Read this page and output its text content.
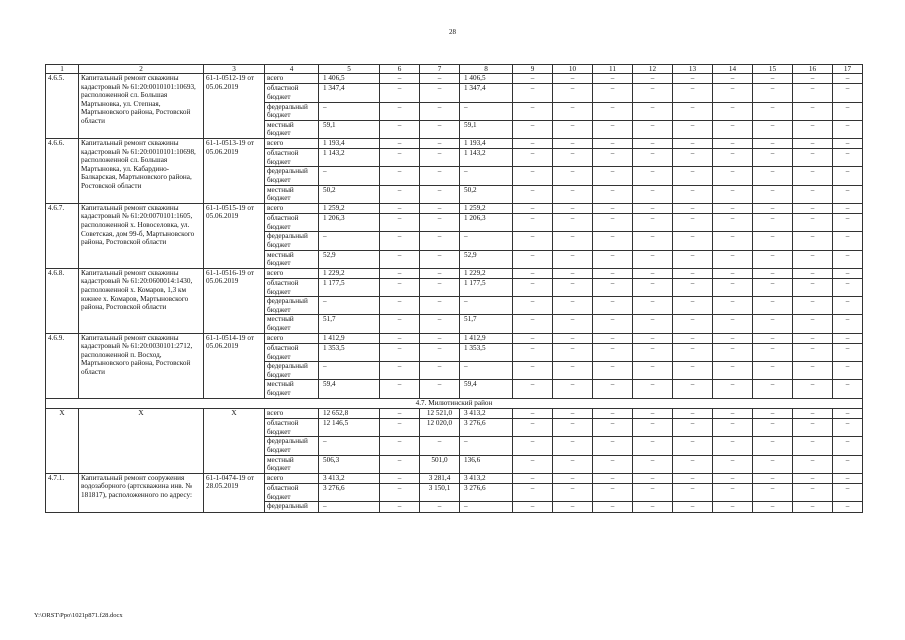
28
1	2	3	4	5	6	7	8	9	10	11	12	13	14	15	16	17
4.6.5.	Капитальный ремонт скважины кадастровый № 61:20:0010101:10693, расположенной сл. Большая Мартыновка, ул. Степная, Мартыновского района, Ростовской области	61-1-0512-19 от 05.06.2019	всего	1 406,5	–	–	1 406,5	–	–	–	–	–	–	–	–	–
			областной бюджет	1 347,4	–	–	1 347,4	–	–	–	–	–	–	–	–	–
			федеральный бюджет	–	–	–	–	–	–	–	–	–	–	–	–	–
			местный бюджет	59,1	–	–	59,1	–	–	–	–	–	–	–	–	–
4.6.6.	Капитальный ремонт скважины кадастровый № 61:20:0010101:10698, расположенной сл. Большая Мартыновка, ул. Кабардино-Балкарская, Мартыновского района, Ростовской области	61-1-0513-19 от 05.06.2019	всего	1 193,4	–	–	1 193,4	–	–	–	–	–	–	–	–	–
			областной бюджет	1 143,2	–	–	1 143,2	–	–	–	–	–	–	–	–	–
			федеральный бюджет	–	–	–	–	–	–	–	–	–	–	–	–	–
			местный бюджет	50,2	–	–	50,2	–	–	–	–	–	–	–	–	–
4.6.7.	Капитальный ремонт скважины кадастровый № 61:20:0070101:1605, расположенной х. Новоселовка, ул. Советская, дом 99-б, Мартыновского района, Ростовской области	61-1-0515-19 от 05.06.2019	всего	1 259,2	–	–	1 259,2	–	–	–	–	–	–	–	–	–
			областной бюджет	1 206,3	–	–	1 206,3	–	–	–	–	–	–	–	–	–
			федеральный бюджет	–	–	–	–	–	–	–	–	–	–	–	–	–
			местный бюджет	52,9	–	–	52,9	–	–	–	–	–	–	–	–	–
4.6.8.	Капитальный ремонт скважины кадастровый № 61:20:0600014:1430, расположенной х. Комаров, 1,3 км южнее х. Комаров, Мартыновского района, Ростовской области	61-1-0516-19 от 05.06.2019	всего	1 229,2	–	–	1 229,2	–	–	–	–	–	–	–	–	–
			областной бюджет	1 177,5	–	–	1 177,5	–	–	–	–	–	–	–	–	–
			федеральный бюджет	–	–	–	–	–	–	–	–	–	–	–	–	–
			местный бюджет	51,7	–	–	51,7	–	–	–	–	–	–	–	–	–
4.6.9.	Капитальный ремонт скважины кадастровый № 61:20:0030101:2712, расположенной п. Восход, Мартыновского района, Ростовской области	61-1-0514-19 от 05.06.2019	всего	1 412,9	–	–	1 412,9	–	–	–	–	–	–	–	–	–
			областной бюджет	1 353,5	–	–	1 353,5	–	–	–	–	–	–	–	–	–
			федеральный бюджет	–	–	–	–	–	–	–	–	–	–	–	–	–
			местный бюджет	59,4	–	–	59,4	–	–	–	–	–	–	–	–	–
4.7. Милютинский район																
Х	Х	Х	всего	12 652,8	–	12 521,0	3 413,2	–	–	–	–	–	–	–	–	–
			областной бюджет	12 146,5	–	12 020,0	3 276,6	–	–	–	–	–	–	–	–	–
			федеральный бюджет	–	–	–	–	–	–	–	–	–	–	–	–	–
			местный бюджет	506,3	–	501,0	136,6	–	–	–	–	–	–	–	–	–
4.7.1.	Капитальный ремонт сооружения водозаборного (артскважина инв. № 181817), расположенного по адресу:	61-1-0474-19 от 28.05.2019	всего	3 413,2	–	3 281,4	3 413,2	–	–	–	–	–	–	–	–	–
			областной бюджет	3 276,6	–	3 150,1	3 276,6	–	–	–	–	–	–	–	–	–
			федеральный	–	–	–	–	–	–	–	–	–	–	–	–	–
Y:\ORST\Ppo\1021p871.f28.docx
